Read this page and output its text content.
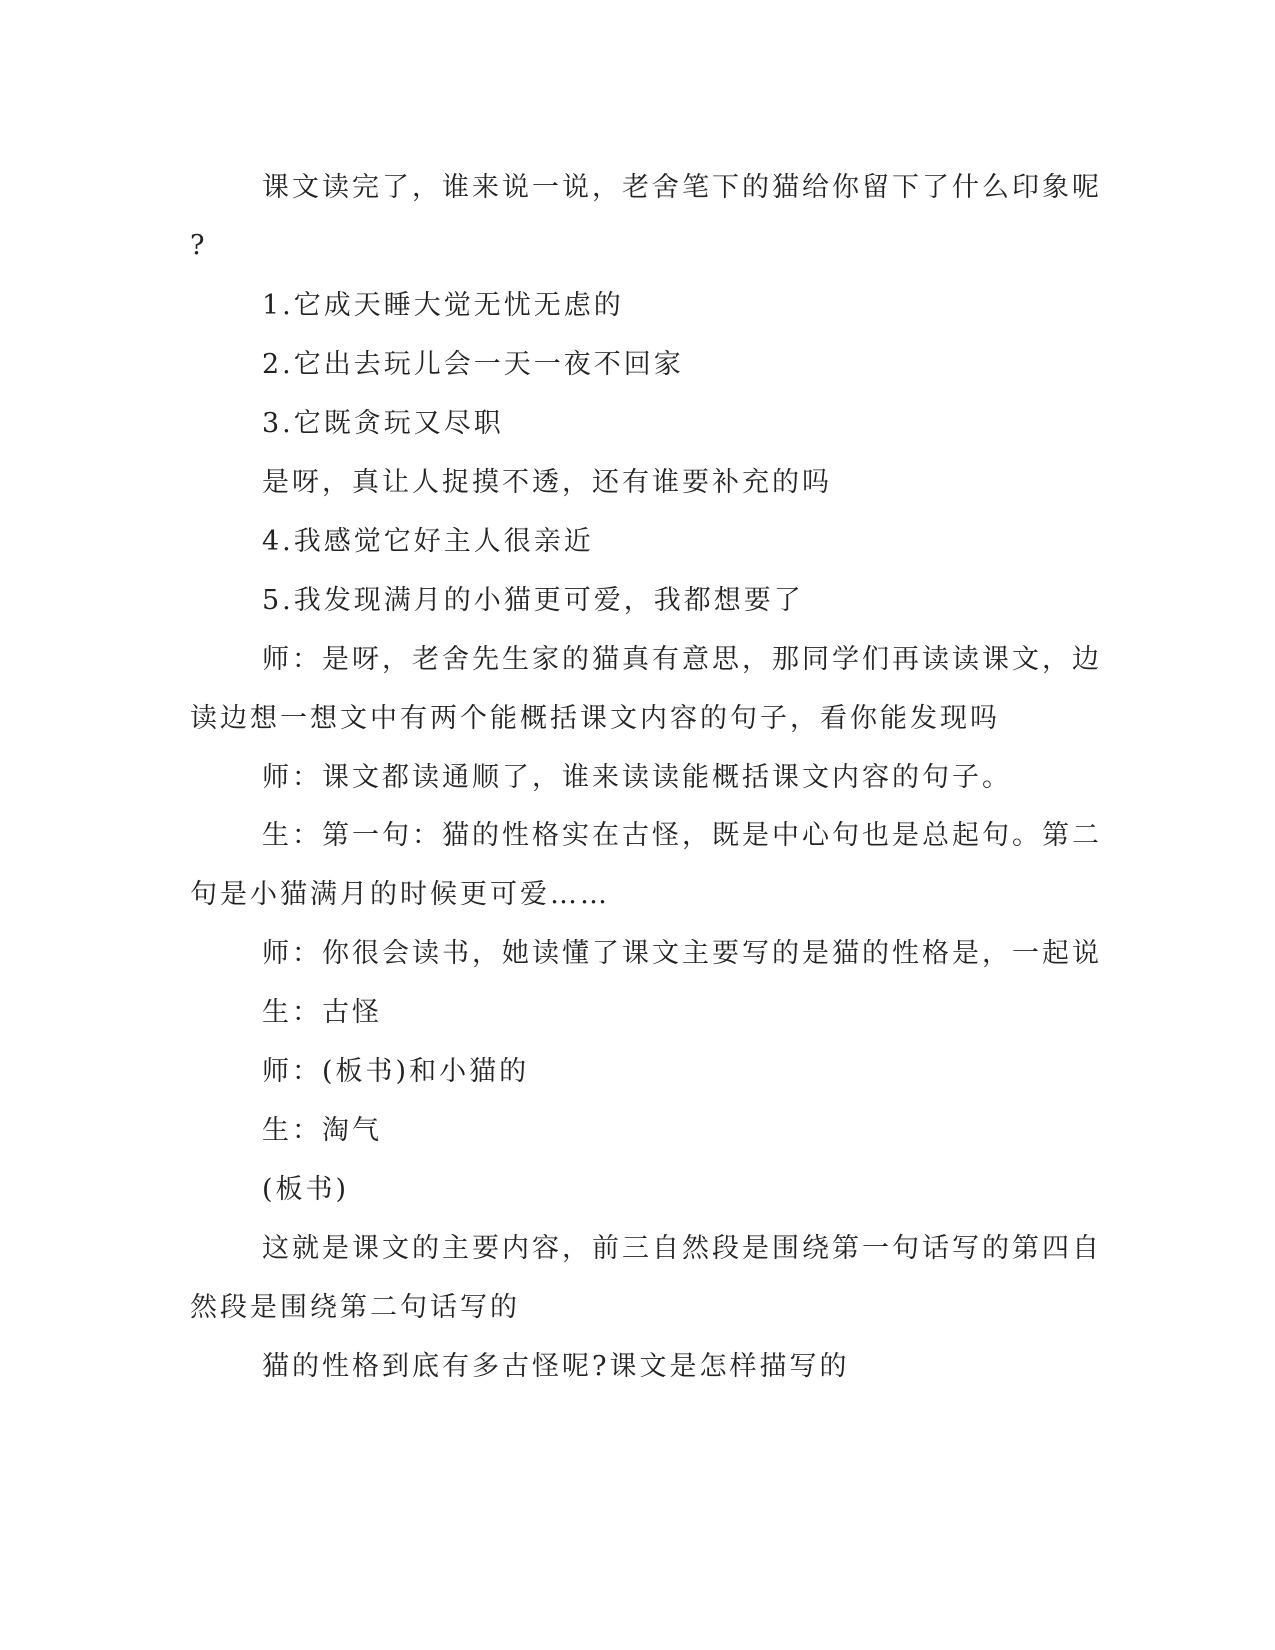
课文读完了，谁来说一说，老舍笔下的猫给你留下了什么印象呢

?

1.它成天睡大觉无忧无虑的

2.它出去玩儿会一天一夜不回家

3.它既贪玩又尽职

是呀，真让人捉摸不透，还有谁要补充的吗

4.我感觉它好主人很亲近

5.我发现满月的小猫更可爱，我都想要了

师：是呀，老舍先生家的猫真有意思，那同学们再读读课文，边

读边想一想文中有两个能概括课文内容的句子，看你能发现吗

师：课文都读通顺了，谁来读读能概括课文内容的句子。

生：第一句：猫的性格实在古怪，既是中心句也是总起句。第二

句是小猫满月的时候更可爱……

师：你很会读书，她读懂了课文主要写的是猫的性格是，一起说

生：古怪

师：(板书)和小猫的

生：淘气

(板书)

这就是课文的主要内容，前三自然段是围绕第一句话写的第四自

然段是围绕第二句话写的

猫的性格到底有多古怪呢?课文是怎样描写的
